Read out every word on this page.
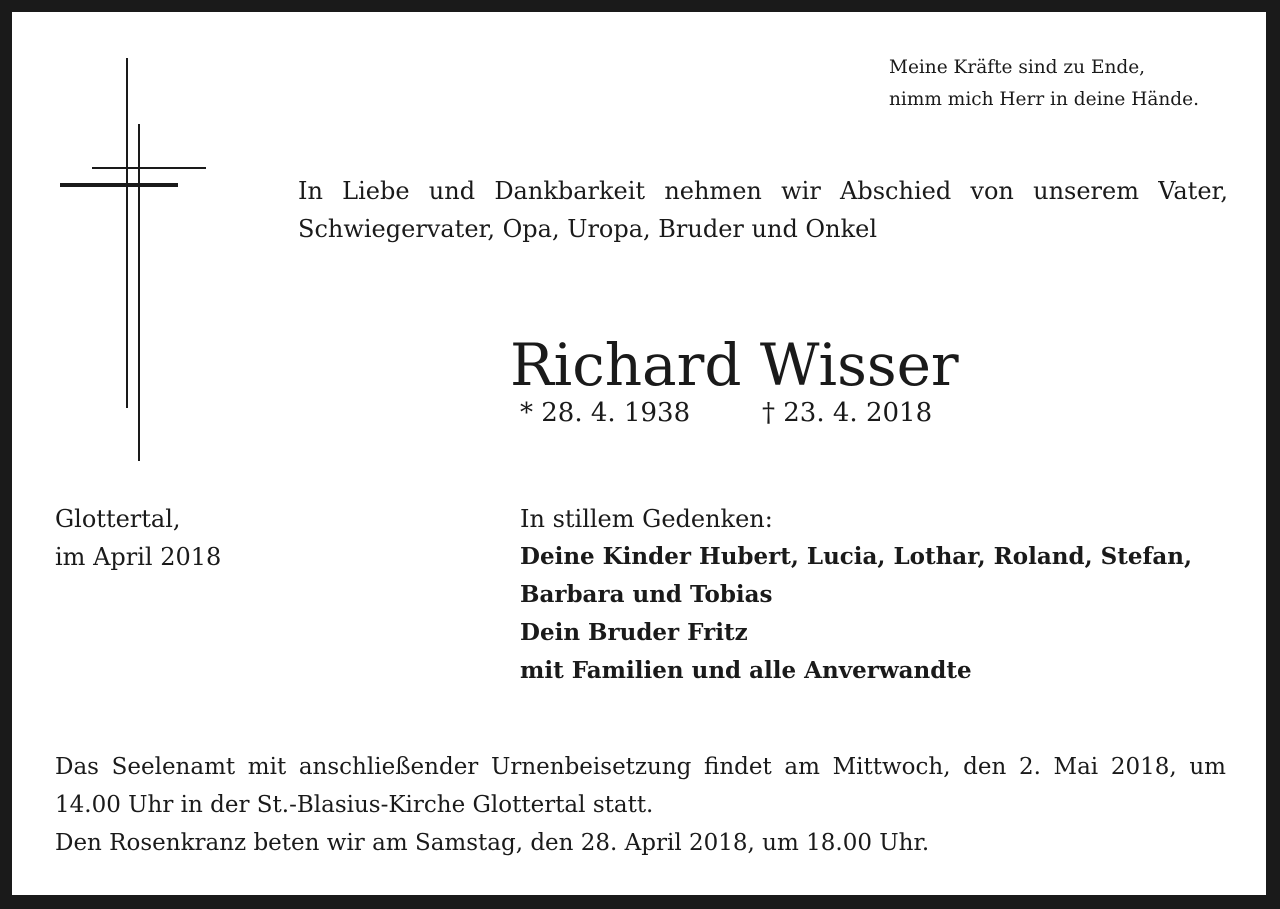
Meine Kräfte sind zu Ende,
nimm mich Herr in deine Hände.
In Liebe und Dankbarkeit nehmen wir Abschied von unserem Vater,
Schwiegervater, Opa, Uropa, Bruder und Onkel
Richard Wisser
* 28. 4. 1938	† 23. 4. 2018
Glottertal,
im April 2018
In stillem Gedenken:
Deine Kinder Hubert, Lucia, Lothar, Roland, Stefan,
Barbara und Tobias
Dein Bruder Fritz
mit Familien und alle Anverwandte
Das Seelenamt mit anschließender Urnenbeisetzung findet am Mittwoch, den 2. Mai 2018, um
14.00 Uhr in der St.-Blasius-Kirche Glottertal statt.
Den Rosenkranz beten wir am Samstag, den 28. April 2018, um 18.00 Uhr.
